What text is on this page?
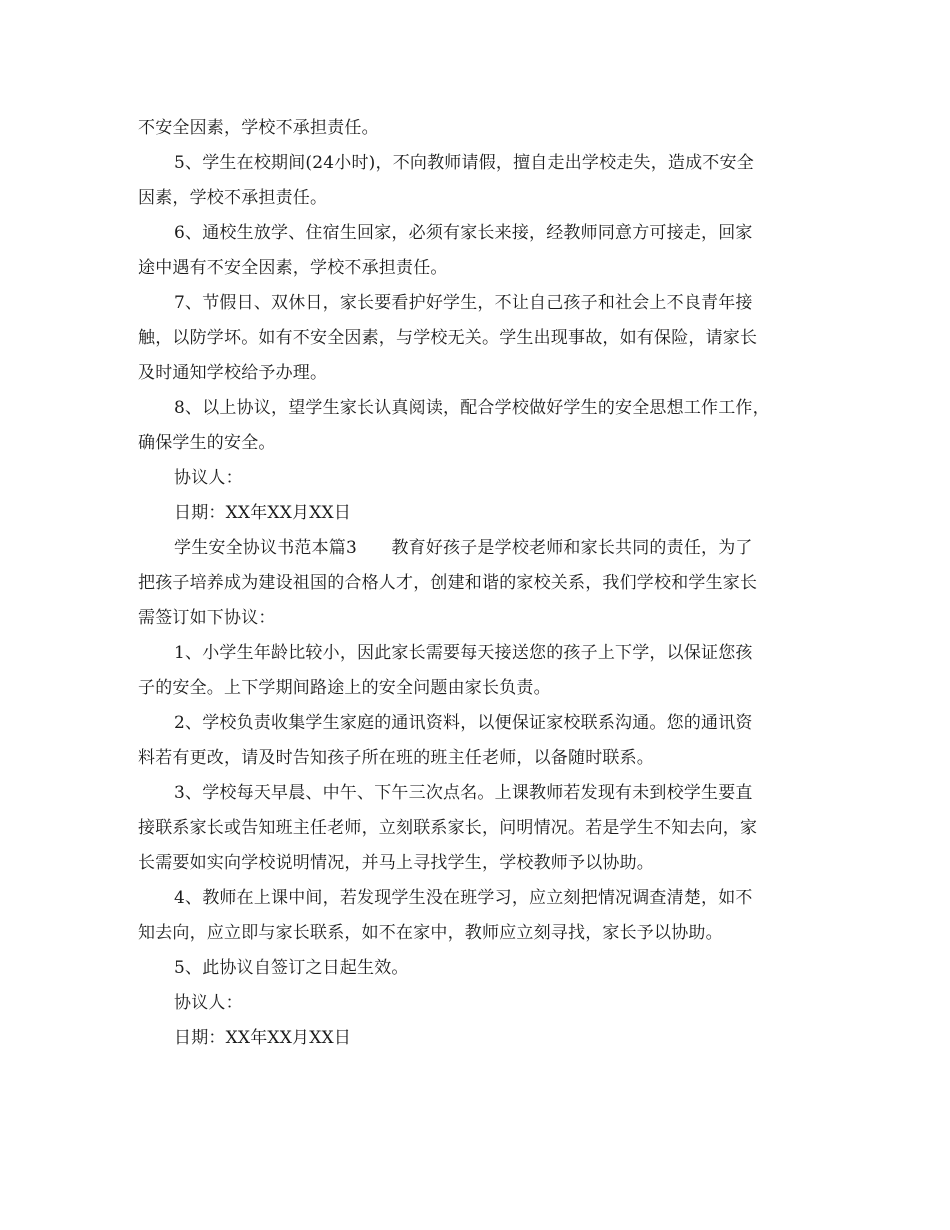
不安全因素，学校不承担责任。
5、学生在校期间(24小时)，不向教师请假，擅自走出学校走失，造成不安全
因素，学校不承担责任。
6、通校生放学、住宿生回家，必须有家长来接，经教师同意方可接走，回家
途中遇有不安全因素，学校不承担责任。
7、节假日、双休日，家长要看护好学生，不让自己孩子和社会上不良青年接
触，以防学坏。如有不安全因素，与学校无关。学生出现事故，如有保险，请家长
及时通知学校给予办理。
8、以上协议，望学生家长认真阅读，配合学校做好学生的安全思想工作工作，
确保学生的安全。
协议人：
日期：XX年XX月XX日
学生安全协议书范本篇3　　教育好孩子是学校老师和家长共同的责任，为了
把孩子培养成为建设祖国的合格人才，创建和谐的家校关系，我们学校和学生家长
需签订如下协议：
1、小学生年龄比较小，因此家长需要每天接送您的孩子上下学，以保证您孩
子的安全。上下学期间路途上的安全问题由家长负责。
2、学校负责收集学生家庭的通讯资料，以便保证家校联系沟通。您的通讯资
料若有更改，请及时告知孩子所在班的班主任老师，以备随时联系。
3、学校每天早晨、中午、下午三次点名。上课教师若发现有未到校学生要直
接联系家长或告知班主任老师，立刻联系家长，问明情况。若是学生不知去向，家
长需要如实向学校说明情况，并马上寻找学生，学校教师予以协助。
4、教师在上课中间，若发现学生没在班学习，应立刻把情况调查清楚，如不
知去向，应立即与家长联系，如不在家中，教师应立刻寻找，家长予以协助。
5、此协议自签订之日起生效。
协议人：
日期：XX年XX月XX日
